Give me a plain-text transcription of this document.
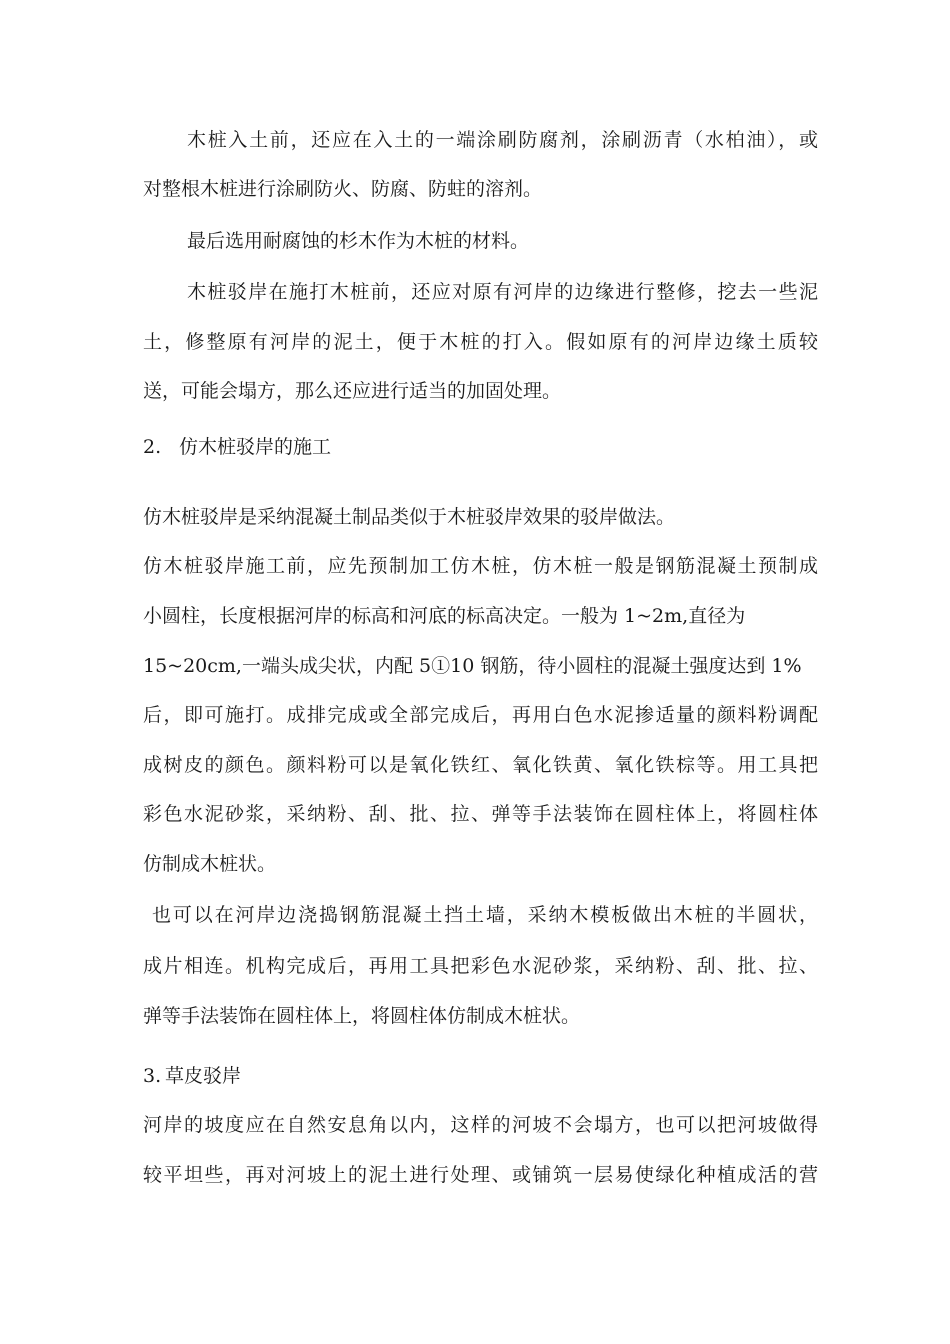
木桩入土前，还应在入土的一端涂刷防腐剂，涂刷沥青（水柏油），或
对整根木桩进行涂刷防火、防腐、防蛀的溶剂。
最后选用耐腐蚀的杉木作为木桩的材料。
木桩驳岸在施打木桩前，还应对原有河岸的边缘进行整修，挖去一些泥
土，修整原有河岸的泥土，便于木桩的打入。假如原有的河岸边缘土质较
送，可能会塌方，那么还应进行适当的加固处理。
2. 仿木桩驳岸的施工
仿木桩驳岸是采纳混凝土制品类似于木桩驳岸效果的驳岸做法。
仿木桩驳岸施工前，应先预制加工仿木桩，仿木桩一般是钢筋混凝土预制成
小圆柱，长度根据河岸的标高和河底的标高决定。一般为 1~2m,直径为
15~20cm,一端头成尖状，内配 5①10 钢筋，待小圆柱的混凝土强度达到 1%
后，即可施打。成排完成或全部完成后，再用白色水泥掺适量的颜料粉调配
成树皮的颜色。颜料粉可以是氧化铁红、氧化铁黄、氧化铁棕等。用工具把
彩色水泥砂浆，采纳粉、刮、批、拉、弹等手法装饰在圆柱体上，将圆柱体
仿制成木桩状。
也可以在河岸边浇捣钢筋混凝土挡土墙，采纳木模板做出木桩的半圆状，
成片相连。机构完成后，再用工具把彩色水泥砂浆，采纳粉、刮、批、拉、
弹等手法装饰在圆柱体上，将圆柱体仿制成木桩状。
3. 草皮驳岸
河岸的坡度应在自然安息角以内，这样的河坡不会塌方，也可以把河坡做得
较平坦些，再对河坡上的泥土进行处理、或铺筑一层易使绿化种植成活的营
